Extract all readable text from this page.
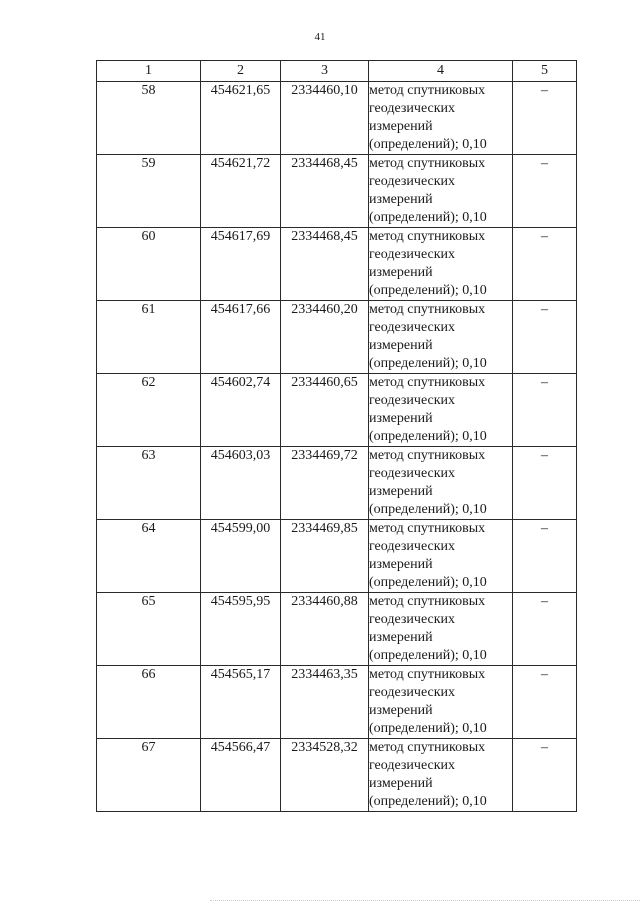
41
1	2	3	4	5
58	454621,65	2334460,10	метод спутниковых
геодезических
измерений
(определений); 0,10	–
59	454621,72	2334468,45	метод спутниковых
геодезических
измерений
(определений); 0,10	–
60	454617,69	2334468,45	метод спутниковых
геодезических
измерений
(определений); 0,10	–
61	454617,66	2334460,20	метод спутниковых
геодезических
измерений
(определений); 0,10	–
62	454602,74	2334460,65	метод спутниковых
геодезических
измерений
(определений); 0,10	–
63	454603,03	2334469,72	метод спутниковых
геодезических
измерений
(определений); 0,10	–
64	454599,00	2334469,85	метод спутниковых
геодезических
измерений
(определений); 0,10	–
65	454595,95	2334460,88	метод спутниковых
геодезических
измерений
(определений); 0,10	–
66	454565,17	2334463,35	метод спутниковых
геодезических
измерений
(определений); 0,10	–
67	454566,47	2334528,32	метод спутниковых
геодезических
измерений
(определений); 0,10	–
